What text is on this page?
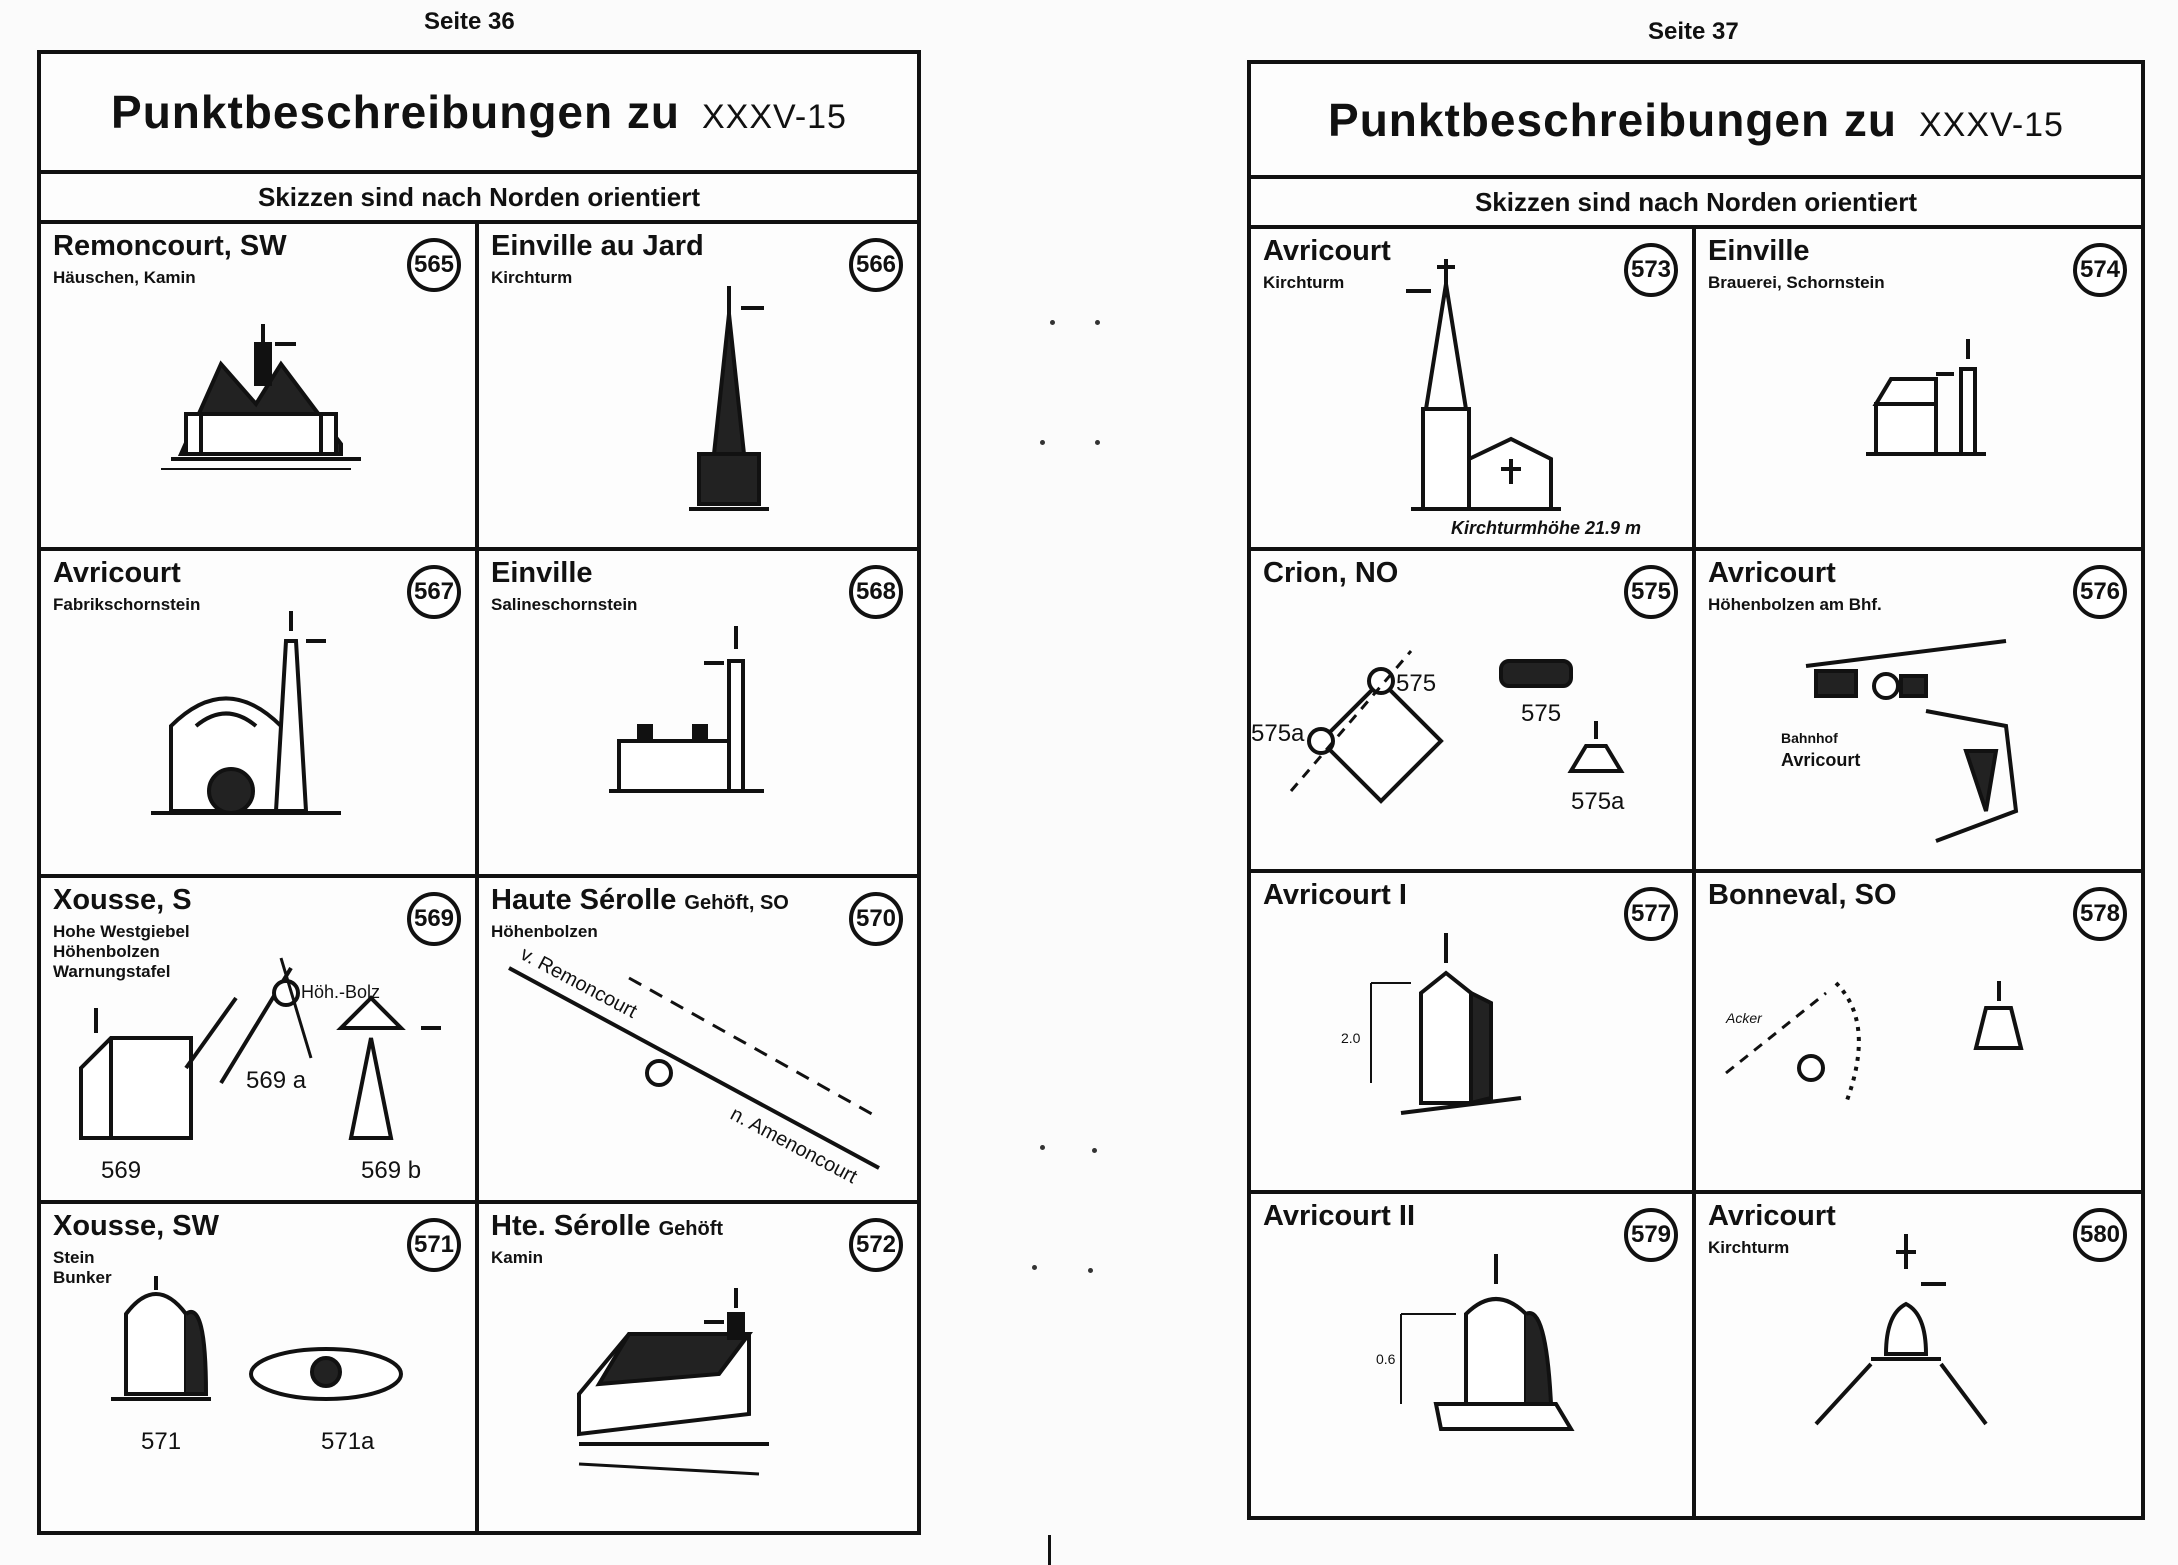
Seite 36
Punktbeschreibungen zu XXXV-15
Skizzen sind nach Norden orientiert
Remoncourt, SW
Häuschen, Kamin	565
Einville au Jard
Kirchturm	566
Avricourt
Fabrikschornstein	567
Einville
Salineschornstein	568
Xousse, S
Hohe Westgiebel
Höhenbolzen
Warnungstafel
569
569
569 a
569 b
Höh.-Bolz
Haute Sérolle Gehöft, SO
Höhenbolzen	570
v. Remoncourt
n. Amenoncourt
Xousse, SW
Stein
Bunker
571
571	571a
Hte. Sérolle Gehöft
Kamin	572
Seite 37
Punktbeschreibungen zu XXXV-15
Skizzen sind nach Norden orientiert
Avricourt
Kirchturm	573
Kirchturmhöhe 21.9 m
Einville
Brauerei, Schornstein	574
Crion, NO
575
575
575a
575
575a
Avricourt
Höhenbolzen am Bhf.	576
Bahnhof
Avricourt
Avricourt I
577
2.0
Bonneval, SO
578
Acker
Avricourt II
579
0.6
Avricourt
Kirchturm	580
